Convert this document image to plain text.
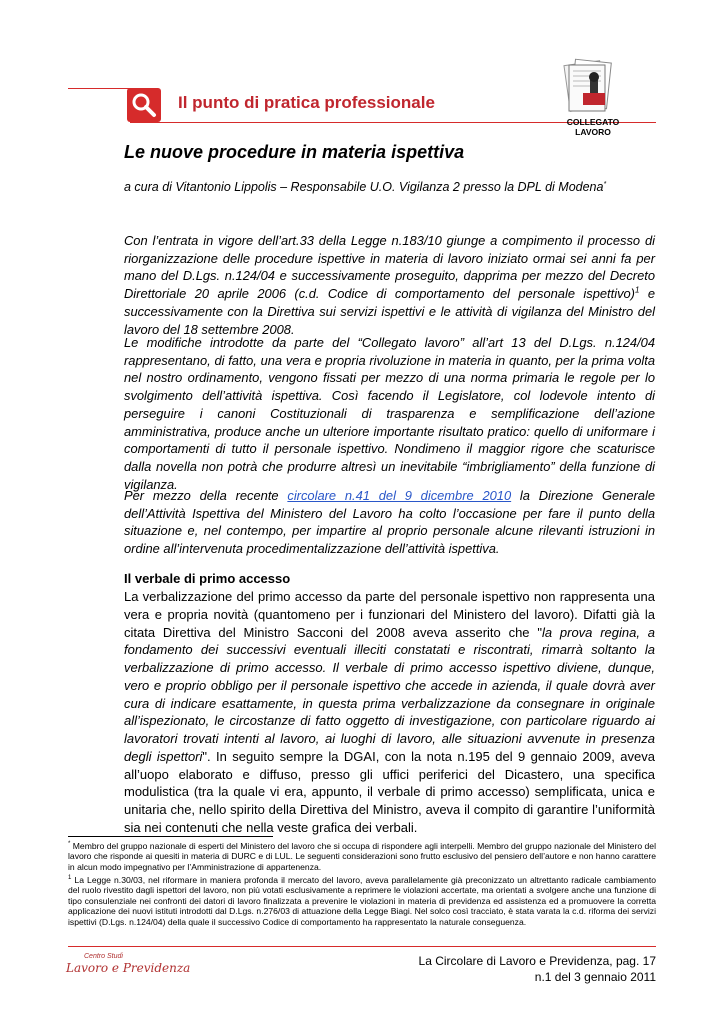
Il punto di pratica professionale
COLLEGATO
LAVORO
Le nuove procedure in materia ispettiva
a cura di Vitantonio Lippolis – Responsabile U.O. Vigilanza 2 presso la DPL di Modena*
Con l’entrata in vigore dell’art.33 della Legge n.183/10 giunge a compimento il processo di riorganizzazione delle procedure ispettive in materia di lavoro iniziato ormai sei anni fa per mano del D.Lgs. n.124/04 e successivamente proseguito, dapprima per mezzo del Decreto Direttoriale 20 aprile 2006 (c.d. Codice di comportamento del personale ispettivo)$^1$ e successivamente con la Direttiva sui servizi ispettivi e le attività di vigilanza del Ministro del lavoro del 18 settembre 2008.
Le modifiche introdotte da parte del “Collegato lavoro” all’art 13 del D.Lgs. n.124/04 rappresentano, di fatto, una vera e propria rivoluzione in materia in quanto, per la prima volta nel nostro ordinamento, vengono fissati per mezzo di una norma primaria le regole per lo svolgimento dell’attività ispettiva. Così facendo il Legislatore, col lodevole intento di perseguire i canoni Costituzionali di trasparenza e semplificazione dell’azione amministrativa, produce anche un ulteriore importante risultato pratico: quello di uniformare i comportamenti di tutto il personale ispettivo. Nondimeno il maggior rigore che scaturisce dalla novella non potrà che produrre altresì un inevitabile “imbrigliamento” della funzione di vigilanza.
Per mezzo della recente circolare n.41 del 9 dicembre 2010 la Direzione Generale dell’Attività Ispettiva del Ministero del Lavoro ha colto l’occasione per fare il punto della situazione e, nel contempo, per impartire al proprio personale alcune rilevanti istruzioni in ordine all’intervenuta procedimentalizzazione dell’attività ispettiva.
Il verbale di primo accesso
La verbalizzazione del primo accesso da parte del personale ispettivo non rappresenta una vera e propria novità (quantomeno per i funzionari del Ministero del lavoro). Difatti già la citata Direttiva del Ministro Sacconi del 2008 aveva asserito che "la prova regina, a fondamento dei successivi eventuali illeciti constatati e riscontrati, rimarrà soltanto la verbalizzazione di primo accesso. Il verbale di primo accesso ispettivo diviene, dunque, vero e proprio obbligo per il personale ispettivo che accede in azienda, il quale dovrà aver cura di indicare esattamente, in questa prima verbalizzazione da consegnare in originale all’ispezionato, le circostanze di fatto oggetto di investigazione, con particolare riguardo ai lavoratori trovati intenti al lavoro, ai luoghi di lavoro, alle situazioni avvenute in presenza degli ispettori". In seguito sempre la DGAI, con la nota n.195 del 9 gennaio 2009, aveva all’uopo elaborato e diffuso, presso gli uffici periferici del Dicastero, una specifica modulistica (tra la quale vi era, appunto, il verbale di primo accesso) semplificata, unica e unitaria che, nello spirito della Direttiva del Ministro, aveva il compito di garantire l’uniformità sia nei contenuti che nella veste grafica dei verbali.
* Membro del gruppo nazionale di esperti del Ministero del lavoro che si occupa di rispondere agli interpelli. Membro del gruppo nazionale del Ministero del lavoro che risponde ai quesiti in materia di DURC e di LUL. Le seguenti considerazioni sono frutto esclusivo del pensiero dell’autore e non hanno carattere in alcun modo impegnativo per l’Amministrazione di appartenenza.
$^1$ La Legge n.30/03, nel riformare in maniera profonda il mercato del lavoro, aveva parallelamente già preconizzato un altrettanto radicale cambiamento del ruolo rivestito dagli ispettori del lavoro, non più votati esclusivamente a reprimere le violazioni accertate, ma orientati a svolgere anche una funzione di tipo consulenziale nei confronti dei datori di lavoro finalizzata a prevenire le violazioni in materia di previdenza ed assistenza ed a promuovere la corretta applicazione dei nuovi istituti introdotti dal D.Lgs. n.276/03 di attuazione della Legge Biagi. Nel solco così tracciato, è stata varata la c.d. riforma dei servizi ispettivi (D.Lgs. n.124/04) della quale il successivo Codice di comportamento ha rappresentato la naturale conseguenza.
Centro Studi
Lavoro e Previdenza	La Circolare di Lavoro e Previdenza, pag. 17
n.1 del 3 gennaio 2011
